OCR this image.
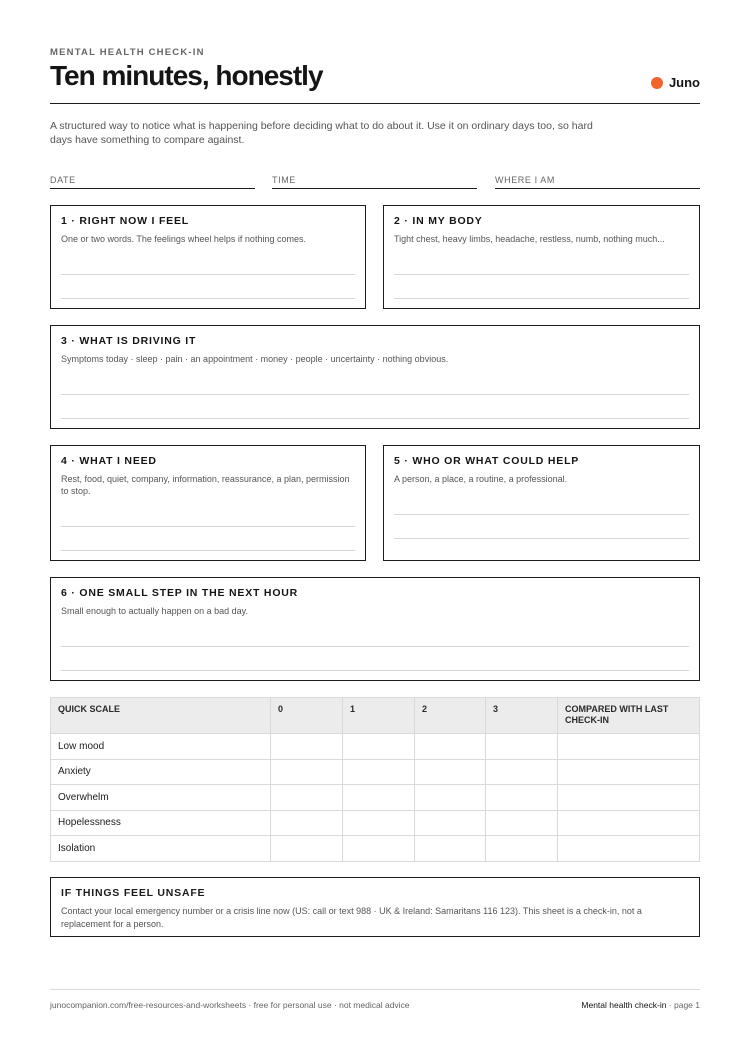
MENTAL HEALTH CHECK-IN
Ten minutes, honestly	Juno

A structured way to notice what is happening before deciding what to do about it. Use it on ordinary days too, so hard days have something to compare against.

DATE	TIME	WHERE I AM
1 · RIGHT NOW I FEEL
One or two words. The feelings wheel helps if nothing comes.
2 · IN MY BODY
Tight chest, heavy limbs, headache, restless, numb, nothing much...
3 · WHAT IS DRIVING IT
Symptoms today · sleep · pain · an appointment · money · people · uncertainty · nothing obvious.
4 · WHAT I NEED
Rest, food, quiet, company, information, reassurance, a plan, permission to stop.
5 · WHO OR WHAT COULD HELP
A person, a place, a routine, a professional.
6 · ONE SMALL STEP IN THE NEXT HOUR
Small enough to actually happen on a bad day.
QUICK SCALE	0	1	2	3	COMPARED WITH LAST CHECK-IN
Low mood					
Anxiety					
Overwhelm					
Hopelessness					
Isolation					
IF THINGS FEEL UNSAFE
Contact your local emergency number or a crisis line now (US: call or text 988 · UK & Ireland: Samaritans 116 123). This sheet is a check-in, not a replacement for a person.
junocompanion.com/free-resources-and-worksheets · free for personal use · not medical advice	Mental health check-in · page 1
